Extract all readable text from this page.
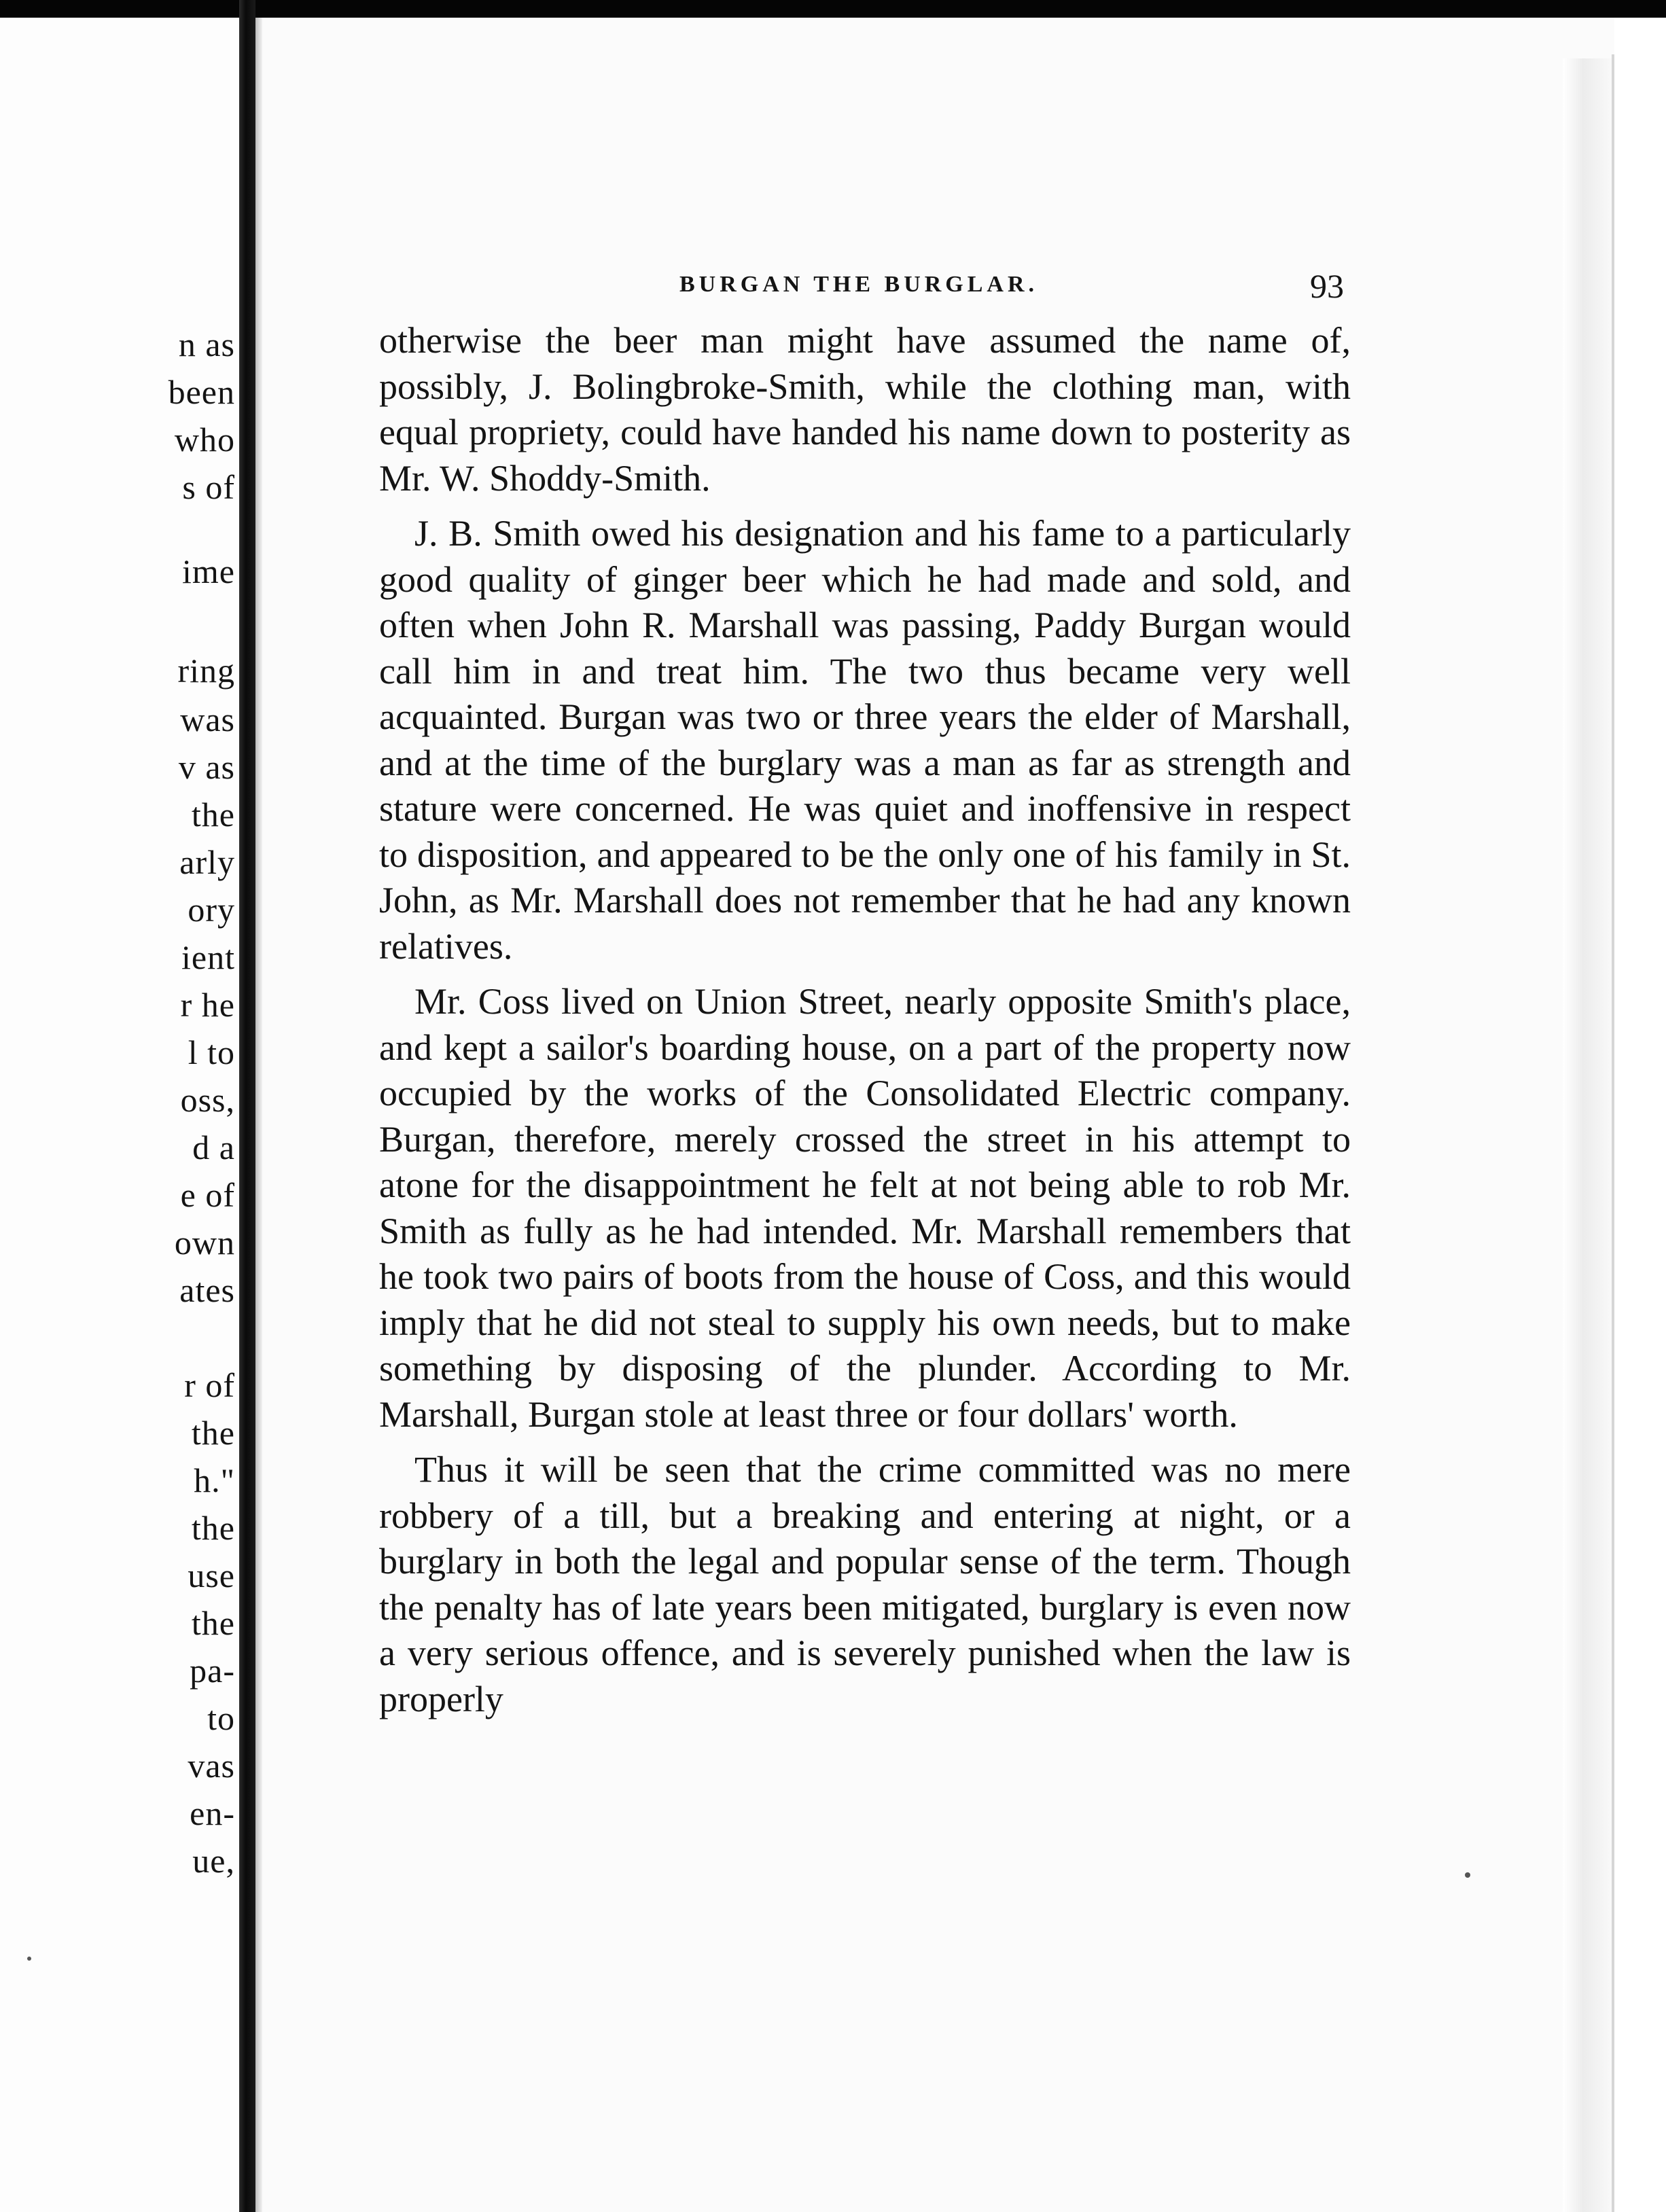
n as
been
who
s of
ime
ring
was
v as
the
arly
ory
ient
r he
l to
oss,
d a
e of
own
ates
r of
the
h."
the
use
the
pa-
to
vas
en-
ue,
BURGAN THE BURGLAR.	93

otherwise the beer man might have assumed the name of, possibly, J. Bolingbroke-Smith, while the clothing man, with equal propriety, could have handed his name down to posterity as Mr. W. Shoddy-Smith.

J. B. Smith owed his designation and his fame to a particularly good quality of ginger beer which he had made and sold, and often when John R. Marshall was passing, Paddy Burgan would call him in and treat him. The two thus became very well acquainted. Burgan was two or three years the elder of Marshall, and at the time of the burglary was a man as far as strength and stature were concerned. He was quiet and inoffensive in respect to disposition, and appeared to be the only one of his family in St. John, as Mr. Marshall does not remember that he had any known relatives.

Mr. Coss lived on Union Street, nearly opposite Smith's place, and kept a sailor's boarding house, on a part of the property now occupied by the works of the Consolidated Electric company. Burgan, therefore, merely crossed the street in his attempt to atone for the disappointment he felt at not being able to rob Mr. Smith as fully as he had intended. Mr. Marshall remembers that he took two pairs of boots from the house of Coss, and this would imply that he did not steal to supply his own needs, but to make something by disposing of the plunder. According to Mr. Marshall, Burgan stole at least three or four dollars' worth.

Thus it will be seen that the crime committed was no mere robbery of a till, but a breaking and entering at night, or a burglary in both the legal and popular sense of the term. Though the penalty has of late years been mitigated, burglary is even now a very serious offence, and is severely punished when the law is properly
